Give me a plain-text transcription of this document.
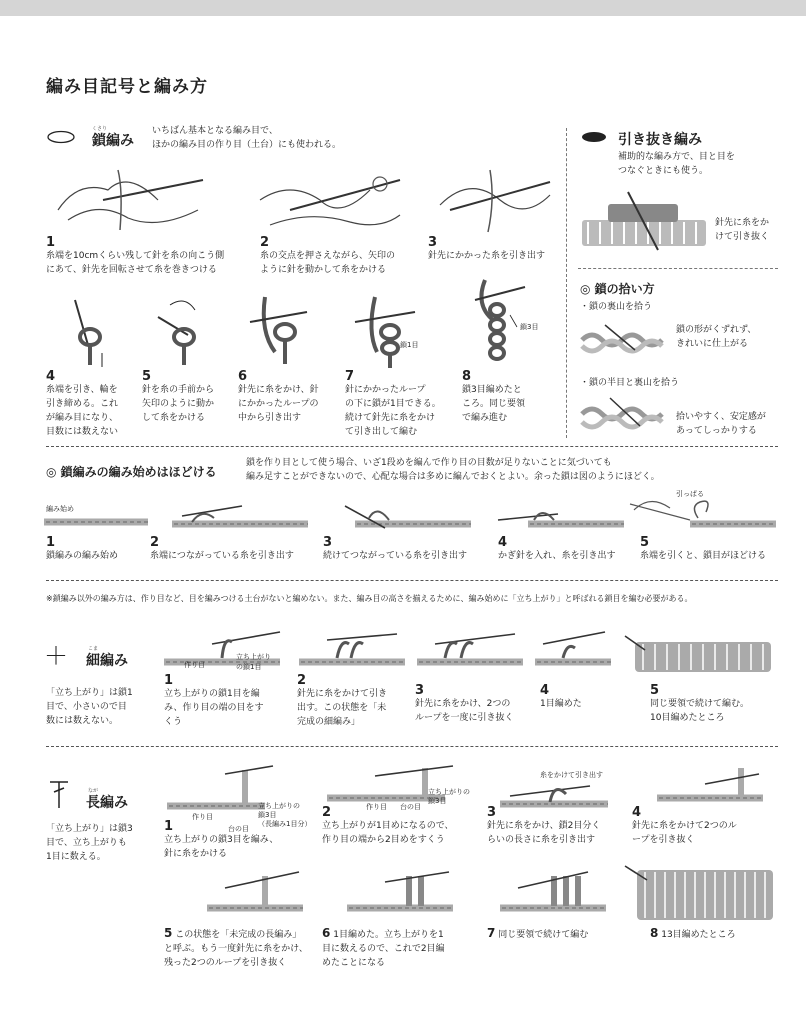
編み目記号と編み方
くさり
鎖編み
いちばん基本となる編み目で、
ほかの編み目の作り目（土台）にも使われる。
1
糸端を10cmくらい残して針を糸の向こう側
にあて、針先を回転させて糸を巻きつける
2
糸の交点を押さえながら、矢印の
ように針を動かして糸をかける
3
針先にかかった糸を引き出す
鎖1目
鎖3目
4
糸端を引き、輪を
引き締める。これ
が編み目になり、
目数には数えない
5
針を糸の手前から
矢印のように動か
して糸をかける
6
針先に糸をかけ、針
にかかったループの
中から引き出す
7
針にかかったループ
の下に鎖が1目できる。
続けて針先に糸をかけ
て引き出して編む
8
鎖3目編めたと
ころ。同じ要領
で編み進む
引き抜き編み
補助的な編み方で、目と目を
つなぐときにも使う。
針先に糸をか
けて引き抜く
◎ 鎖の拾い方
・鎖の裏山を拾う
鎖の形がくずれず、
きれいに仕上がる
・鎖の半目と裏山を拾う
拾いやすく、安定感が
あってしっかりする
◎ 鎖編みの編み始めはほどける
鎖を作り目として使う場合、いざ1段めを編んで作り目の目数が足りないことに気づいても
編み足すことができないので、心配な場合は多めに編んでおくとよい。余った鎖は図のようにほどく。
編み始め
引っぱる
1
鎖編みの編み始め
2
糸端につながっている糸を引き出す
3
続けてつながっている糸を引き出す
4
かぎ針を入れ、糸を引き出す
5
糸端を引くと、鎖目がほどける
※鎖編み以外の編み方は、作り目など、目を編みつける土台がないと編めない。また、編み目の高さを揃えるために、編み始めに「立ち上がり」と呼ばれる鎖目を編む必要がある。
＋	こま
細編み
「立ち上がり」は鎖1
目で、小さいので目
数には数えない。
作り目
立ち上がり
の鎖1目
1
立ち上がりの鎖1目を編
み、作り目の端の目をす
くう
2
針先に糸をかけて引き
出す。この状態を「未
完成の細編み」
3
針先に糸をかけ、2つの
ループを一度に引き抜く
4
1目編めた
5
同じ要領で続けて編む。
10目編めたところ
なが
長編み
「立ち上がり」は鎖3
目で、立ち上がりも
1目に数える。
作り目
台の目
立ち上がりの
鎖3目
（長編み1目分）
作り目 台の目
立ち上がりの
鎖3目
糸をかけて引き出す
1
立ち上がりの鎖3目を編み、
針に糸をかける
2
立ち上がりが1目めになるので、
作り目の端から2目めをすくう
3
針先に糸をかけ、鎖2目分く
らいの長さに糸を引き出す
4
針先に糸をかけて2つのル
ープを引き抜く
5 この状態を「未完成の長編み」
と呼ぶ。もう一度針先に糸をかけ、
残った2つのループを引き抜く
6 1目編めた。立ち上がりを1
目に数えるので、これで2目編
めたことになる
7 同じ要領で続けて編む	8 13目編めたところ
